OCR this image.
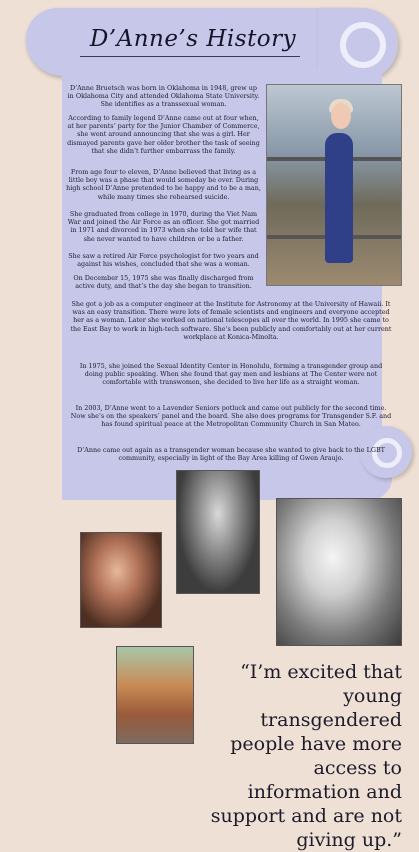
D’Anne’s History

D’Anne Bruetsch was born in Oklahoma in 1948, grew up in Oklahoma City and attended Oklahoma State University. She identifies as a transsexual woman.

According to family legend D’Anne came out at four when, at her parents’ party for the Junior Chamber of Commerce, she went around announcing that she was a girl. Her dismayed parents gave her older brother the task of seeing that she didn’t further embarrass the family.

From age four to eleven, D’Anne believed that living as a little boy was a phase that would someday be over. During high school D’Anne pretended to be happy and to be a man, while many times she rehearsed suicide.

She graduated from college in 1970, during the Viet Nam War and joined the Air Force as an officer. She got married in 1971 and divorced in 1973 when she told her wife that she never wanted to have children or be a father.

She saw a retired Air Force psychologist for two years and against his wishes, concluded that she was a woman.

On December 15, 1975 she was finally discharged from active duty, and that’s the day she began to transition.

She got a job as a computer engineer at the Institute for Astronomy at the University of Hawaii. It was an easy transition. There were lots of female scientists and engineers and everyone accepted her as a woman. Later she worked on national telescopes all over the world. In 1995 she came to the East Bay to work in high-tech software. She’s been publicly and comfortably out at her current workplace at Konica-Minolta.

In 1975, she joined the Sexual Identity Center in Honolulu, forming a transgender group and doing public speaking. When she found that gay men and lesbians at The Center were not comfortable with transwomen, she decided to live her life as a straight woman.

In 2003, D’Anne went to a Lavender Seniors potluck and came out publicly for the second time. Now she’s on the speakers’ panel and the board. She also does programs for Transgender S.F. and has found spiritual peace at the Metropolitan Community Church in San Mateo.

D’Anne came out again as a transgender woman because she wanted to give back to the LGBT community, especially in light of the Bay Area killing of Gwen Araujo.

“I’m excited that young transgendered people have more access to information and support and are not giving up.”
